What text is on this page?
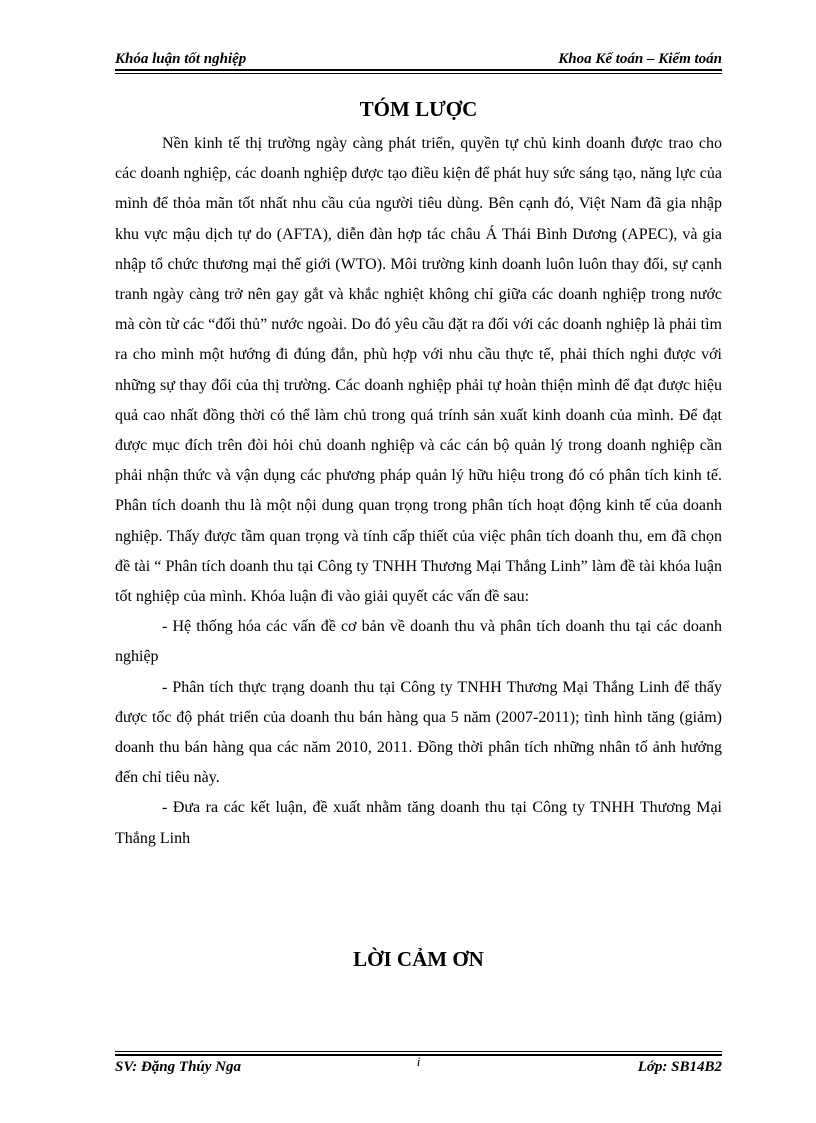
Khóa luận tốt nghiệp	Khoa Kế toán – Kiểm toán
TÓM LƯỢC

Nền kinh tế thị trường ngày càng phát triển, quyền tự chủ kinh doanh được trao cho các doanh nghiệp, các doanh nghiệp được tạo điều kiện để phát huy sức sáng tạo, năng lực của mình để thỏa mãn tốt nhất nhu cầu của người tiêu dùng. Bên cạnh đó, Việt Nam đã gia nhập khu vực mậu dịch tự do (AFTA), diễn đàn hợp tác châu Á Thái Bình Dương (APEC), và gia nhập tổ chức thương mại thế giới (WTO). Môi trường kinh doanh luôn luôn thay đổi, sự cạnh tranh ngày càng trở nên gay gắt và khắc nghiệt không chỉ giữa các doanh nghiệp trong nước mà còn từ các “đối thủ” nước ngoài. Do đó yêu cầu đặt ra đối với các doanh nghiệp là phải tìm ra cho mình một hướng đi đúng đắn, phù hợp với nhu cầu thực tế, phải thích nghi được với những sự thay đổi của thị trường. Các doanh nghiệp phải tự hoàn thiện mình để đạt được hiệu quả cao nhất đồng thời có thể làm chủ trong quá trính sản xuất kinh doanh của mình. Để đạt được mục đích trên đòi hỏi chủ doanh nghiệp và các cán bộ quản lý trong doanh nghiệp cần phải nhận thức và vận dụng các phương pháp quản lý hữu hiệu trong đó có phân tích kinh tế. Phân tích doanh thu là một nội dung quan trọng trong phân tích hoạt động kinh tế của doanh nghiệp. Thấy được tầm quan trọng và tính cấp thiết của việc phân tích doanh thu, em đã chọn đề tài “ Phân tích doanh thu tại Công ty TNHH Thương Mại Thắng Linh” làm đề tài khóa luận tốt nghiệp của mình. Khóa luận đi vào giải quyết các vấn đề sau:

- Hệ thống hóa các vấn đề cơ bản về doanh thu và phân tích doanh thu tại các doanh nghiệp

- Phân tích thực trạng doanh thu tại Công ty TNHH Thương Mại Thắng Linh để thấy được tốc độ phát triển của doanh thu bán hàng qua 5 năm (2007-2011); tình hình tăng (giảm) doanh thu bán hàng qua các năm 2010, 2011. Đồng thời phân tích những nhân tố ảnh hưởng đến chỉ tiêu này.

- Đưa ra các kết luận, đề xuất nhằm tăng doanh thu tại Công ty TNHH Thương Mại Thắng Linh

LỜI CẢM ƠN
SV: Đặng Thúy Nga	i	Lớp: SB14B2
